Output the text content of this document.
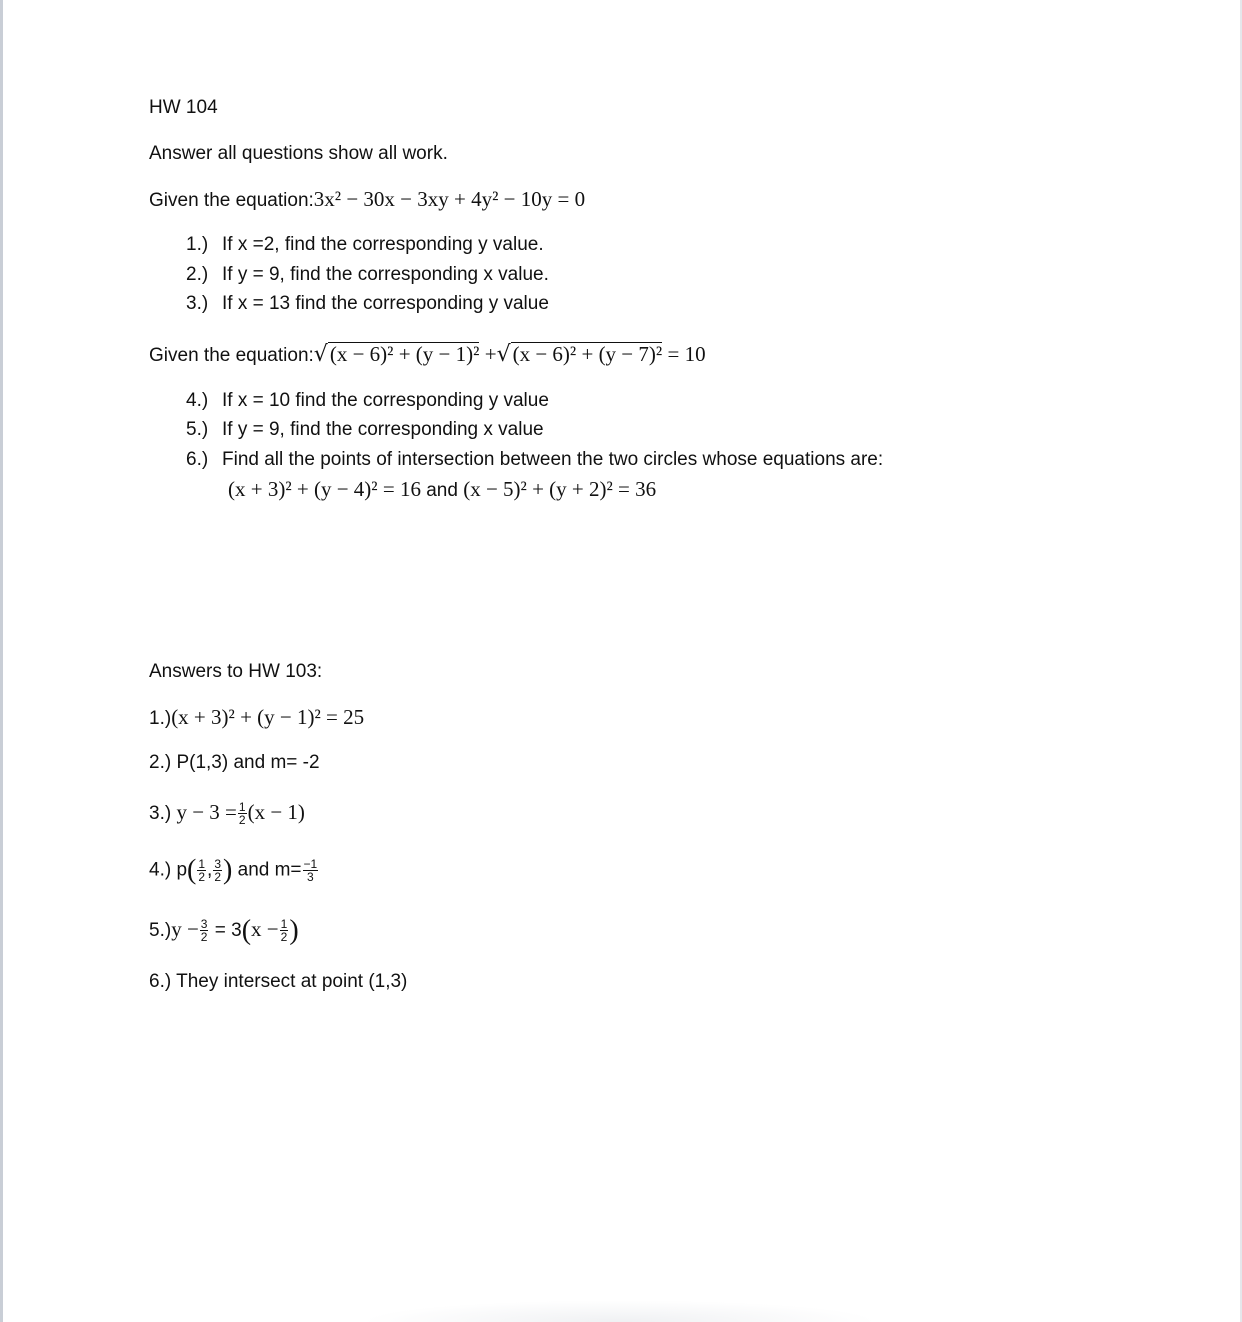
HW 104
Answer all questions show all work.
Given the equation:3x² − 30x − 3xy + 4y² − 10y = 0
1.) If x =2, find the corresponding y value.
2.) If y = 9, find the corresponding x value.
3.) If x = 13 find the corresponding y value
Given the equation:√(x − 6)² + (y − 1)² +√(x − 6)² + (y − 7)² = 10
4.) If x = 10 find the corresponding y value
5.) If y = 9, find the corresponding x value
6.) Find all the points of intersection between the two circles whose equations are:
(x + 3)² + (y − 4)² = 16 and (x − 5)² + (y + 2)² = 36
Answers to HW 103:
1.)(x + 3)² + (y − 1)² = 25
2.) P(1,3) and m= -2
3.) $y - 3 = \frac{1}{2} (x - 1)$
4.) $p( \frac{1}{2}$ , $\frac{3}{2}$ ) and $m= \frac{-1}{3}$
$5.)y - \frac{3}{2} = 3(x - \frac{1}{2}$ )
6.) They intersect at point (1,3)
